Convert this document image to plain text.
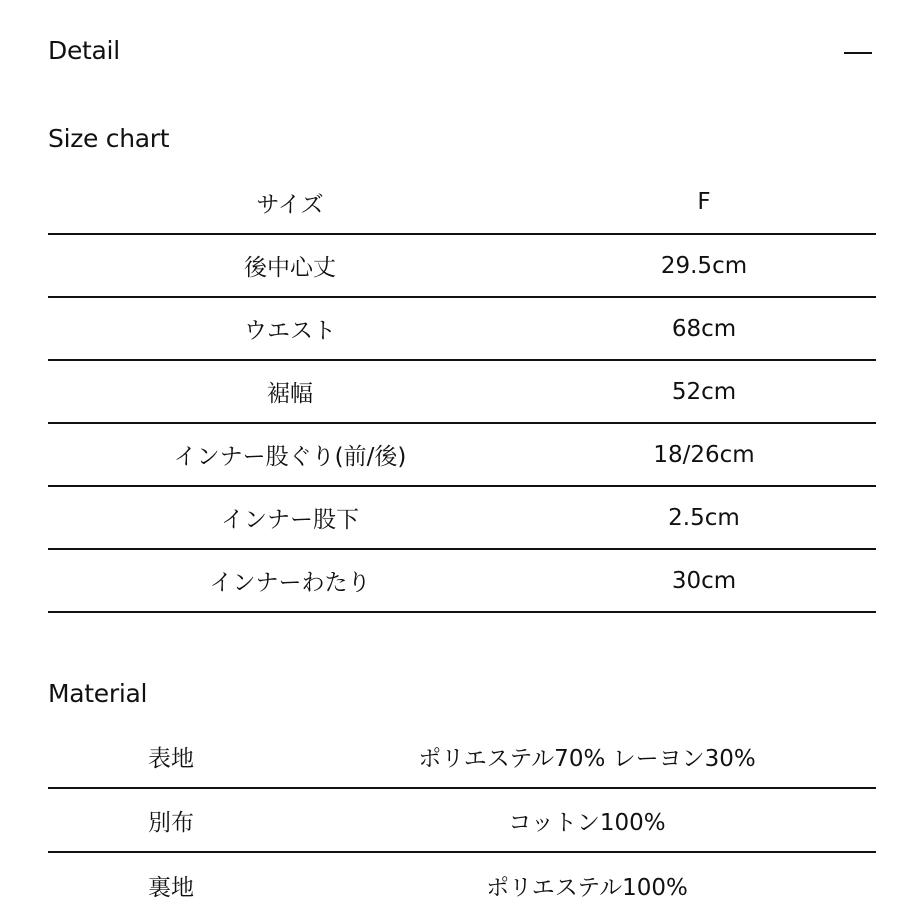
Detail
Size chart
サイズ	F
後中心丈	29.5cm
ウエスト	68cm
裾幅	52cm
インナー股ぐり(前/後)	18/26cm
インナー股下	2.5cm
インナーわたり	30cm
Material
表地	ポリエステル70% レーヨン30%
別布	コットン100%
裏地	ポリエステル100%
